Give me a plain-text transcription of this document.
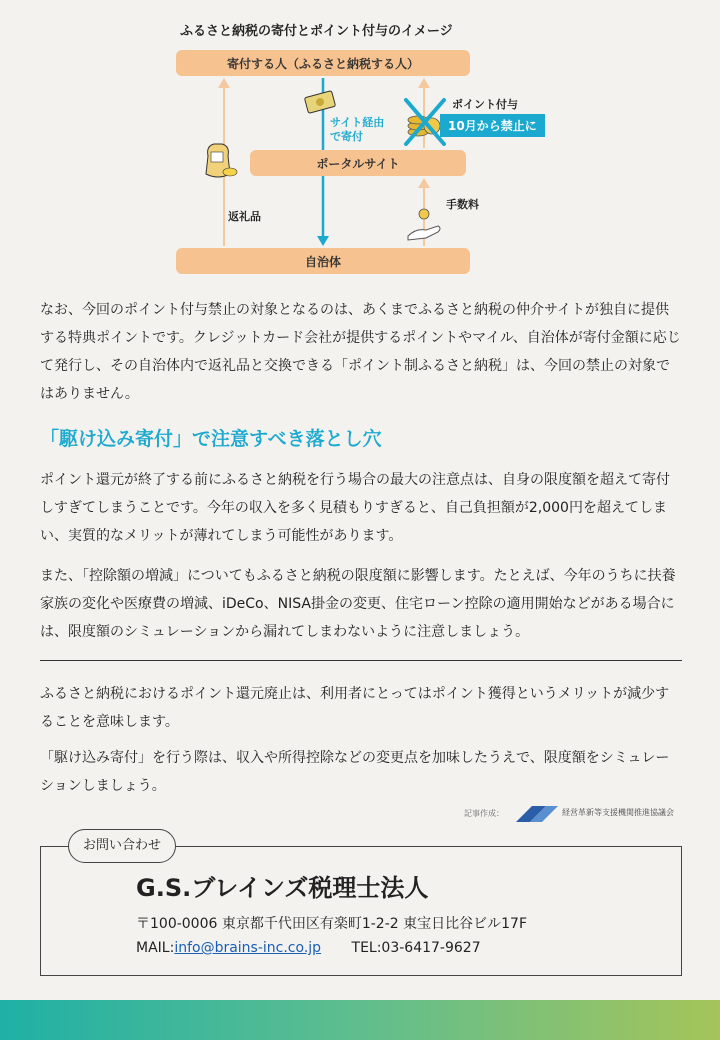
ふるさと納税の寄付とポイント付与のイメージ
寄付する人（ふるさと納税する人）
ポータルサイト
自治体
サイト経由で寄付
ポイント付与
10月から禁止に
手数料
返礼品

なお、今回のポイント付与禁止の対象となるのは、あくまでふるさと納税の仲介サイトが独自に提供する特典ポイントです。クレジットカード会社が提供するポイントやマイル、自治体が寄付金額に応じて発行し、その自治体内で返礼品と交換できる「ポイント制ふるさと納税」は、今回の禁止の対象ではありません。

「駆け込み寄付」で注意すべき落とし穴

ポイント還元が終了する前にふるさと納税を行う場合の最大の注意点は、自身の限度額を超えて寄付しすぎてしまうことです。今年の収入を多く見積もりすぎると、自己負担額が2,000円を超えてしまい、実質的なメリットが薄れてしまう可能性があります。

また、「控除額の増減」についてもふるさと納税の限度額に影響します。たとえば、今年のうちに扶養家族の変化や医療費の増減、iDeCo、NISA掛金の変更、住宅ローン控除の適用開始などがある場合には、限度額のシミュレーションから漏れてしまわないように注意しましょう。

ふるさと納税におけるポイント還元廃止は、利用者にとってはポイント獲得というメリットが減少することを意味します。

「駆け込み寄付」を行う際は、収入や所得控除などの変更点を加味したうえで、限度額をシミュレーションしましょう。

記事作成：	経営革新等支援機関推進協議会
お問い合わせ
G.S.ブレインズ税理士法人
〒100-0006 東京都千代田区有楽町1-2-2 東宝日比谷ビル17F
MAIL:info@brains-inc.co.jp TEL:03-6417-9627
